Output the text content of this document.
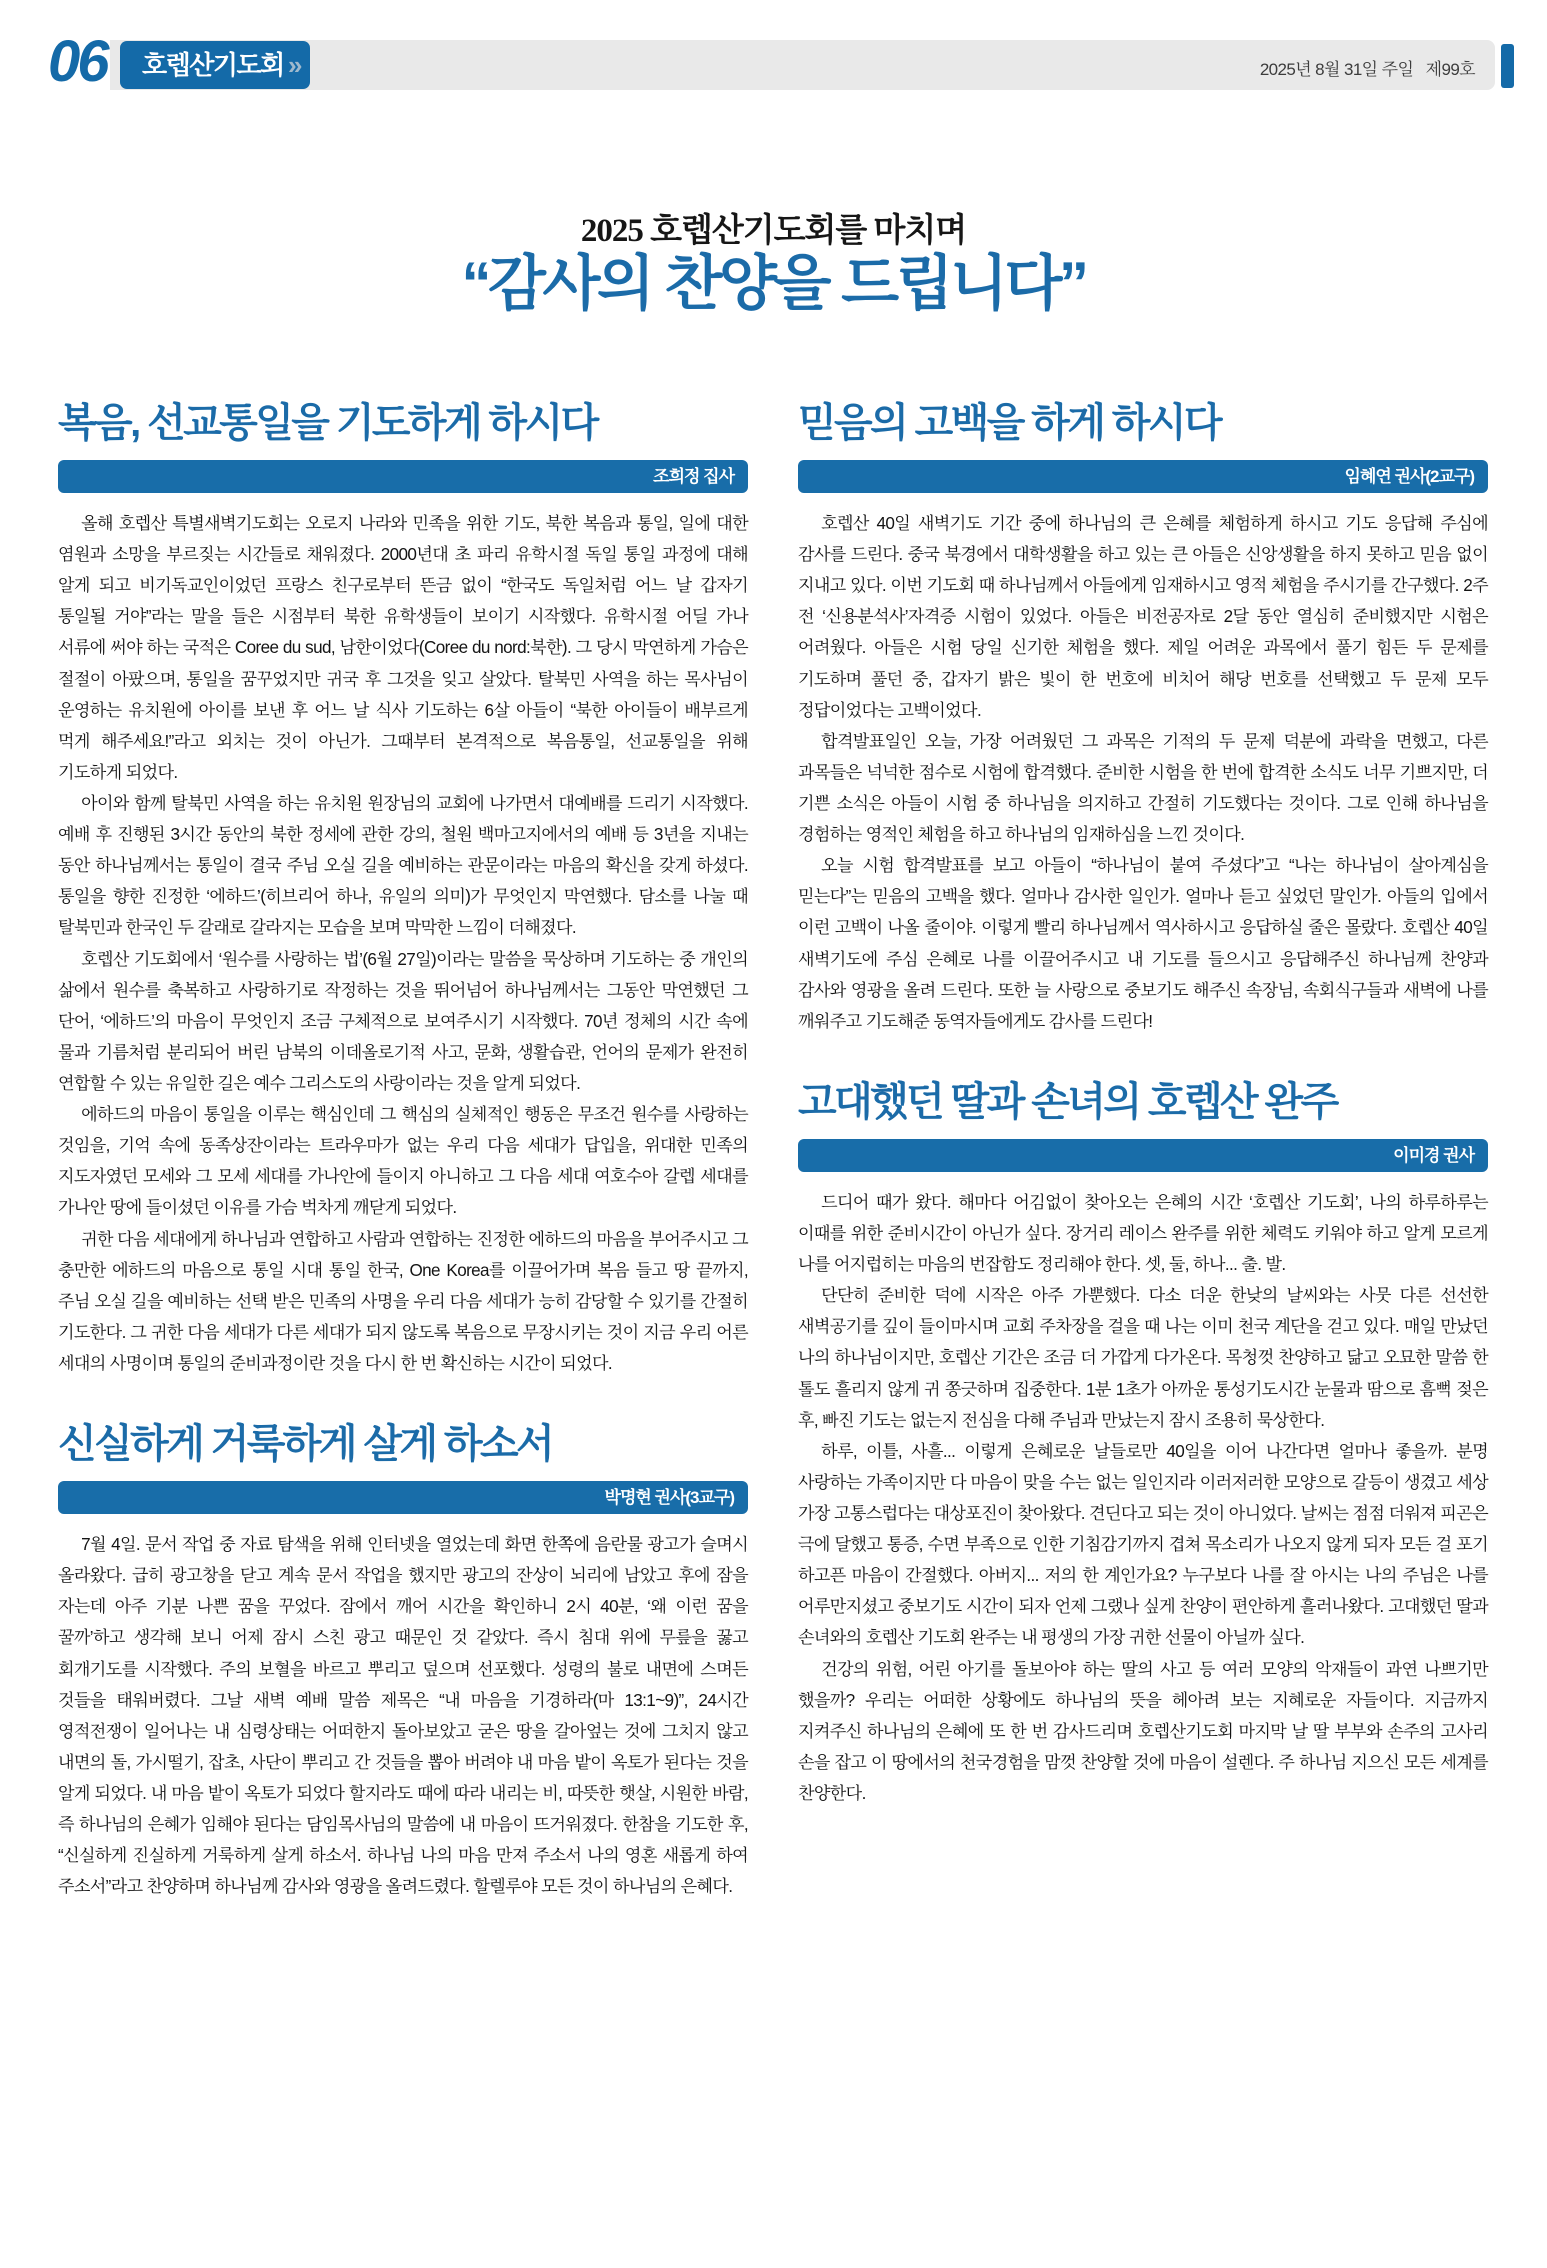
06 호렙산기도회 »	2025년 8월 31일 주일   제99호
2025 호렙산기도회를 마치며
“감사의 찬양을 드립니다”
복음, 선교통일을 기도하게 하시다
조희정 집사

올해 호렙산 특별새벽기도회는 오로지 나라와 민족을 위한 기도, 북한 복음과 통일, 일에 대한 염원과 소망을 부르짖는 시간들로 채워졌다. 2000년대 초 파리 유학시절 독일 통일 과정에 대해 알게 되고 비기독교인이었던 프랑스 친구로부터 뜬금 없이 “한국도 독일처럼 어느 날 갑자기 통일될 거야”라는 말을 들은 시점부터 북한 유학생들이 보이기 시작했다. 유학시절 어딜 가나 서류에 써야 하는 국적은 Coree du sud, 남한이었다(Coree du nord:북한). 그 당시 막연하게 가슴은 절절이 아팠으며, 통일을 꿈꾸었지만 귀국 후 그것을 잊고 살았다. 탈북민 사역을 하는 목사님이 운영하는 유치원에 아이를 보낸 후 어느 날 식사 기도하는 6살 아들이 “북한 아이들이 배부르게 먹게 해주세요!”라고 외치는 것이 아닌가. 그때부터 본격적으로 복음통일, 선교통일을 위해 기도하게 되었다.

아이와 함께 탈북민 사역을 하는 유치원 원장님의 교회에 나가면서 대예배를 드리기 시작했다. 예배 후 진행된 3시간 동안의 북한 정세에 관한 강의, 철원 백마고지에서의 예배 등 3년을 지내는 동안 하나님께서는 통일이 결국 주님 오실 길을 예비하는 관문이라는 마음의 확신을 갖게 하셨다. 통일을 향한 진정한 ‘에하드’(히브리어 하나, 유일의 의미)가 무엇인지 막연했다. 담소를 나눌 때 탈북민과 한국인 두 갈래로 갈라지는 모습을 보며 막막한 느낌이 더해졌다.

호렙산 기도회에서 ‘원수를 사랑하는 법’(6월 27일)이라는 말씀을 묵상하며 기도하는 중 개인의 삶에서 원수를 축복하고 사랑하기로 작정하는 것을 뛰어넘어 하나님께서는 그동안 막연했던 그 단어, ‘에하드’의 마음이 무엇인지 조금 구체적으로 보여주시기 시작했다. 70년 정체의 시간 속에 물과 기름처럼 분리되어 버린 남북의 이데올로기적 사고, 문화, 생활습관, 언어의 문제가 완전히 연합할 수 있는 유일한 길은 예수 그리스도의 사랑이라는 것을 알게 되었다.

에하드의 마음이 통일을 이루는 핵심인데 그 핵심의 실체적인 행동은 무조건 원수를 사랑하는 것임을, 기억 속에 동족상잔이라는 트라우마가 없는 우리 다음 세대가 답입을, 위대한 민족의 지도자였던 모세와 그 모세 세대를 가나안에 들이지 아니하고 그 다음 세대 여호수아 갈렙 세대를 가나안 땅에 들이셨던 이유를 가슴 벅차게 깨닫게 되었다.

귀한 다음 세대에게 하나님과 연합하고 사람과 연합하는 진정한 에하드의 마음을 부어주시고 그 충만한 에하드의 마음으로 통일 시대 통일 한국, One Korea를 이끌어가며 복음 들고 땅 끝까지, 주님 오실 길을 예비하는 선택 받은 민족의 사명을 우리 다음 세대가 능히 감당할 수 있기를 간절히 기도한다. 그 귀한 다음 세대가 다른 세대가 되지 않도록 복음으로 무장시키는 것이 지금 우리 어른 세대의 사명이며 통일의 준비과정이란 것을 다시 한 번 확신하는 시간이 되었다.

신실하게 거룩하게 살게 하소서
박명현 권사(3교구)

7월 4일. 문서 작업 중 자료 탐색을 위해 인터넷을 열었는데 화면 한쪽에 음란물 광고가 슬며시 올라왔다. 급히 광고창을 닫고 계속 문서 작업을 했지만 광고의 잔상이 뇌리에 남았고 후에 잠을 자는데 아주 기분 나쁜 꿈을 꾸었다. 잠에서 깨어 시간을 확인하니 2시 40분, ‘왜 이런 꿈을 꿀까’하고 생각해 보니 어제 잠시 스친 광고 때문인 것 같았다. 즉시 침대 위에 무릎을 꿇고 회개기도를 시작했다. 주의 보혈을 바르고 뿌리고 덮으며 선포했다. 성령의 불로 내면에 스며든 것들을 태워버렸다. 그날 새벽 예배 말씀 제목은 “내 마음을 기경하라(마 13:1~9)”, 24시간 영적전쟁이 일어나는 내 심령상태는 어떠한지 돌아보았고 굳은 땅을 갈아엎는 것에 그치지 않고 내면의 돌, 가시떨기, 잡초, 사단이 뿌리고 간 것들을 뽑아 버려야 내 마음 밭이 옥토가 된다는 것을 알게 되었다. 내 마음 밭이 옥토가 되었다 할지라도 때에 따라 내리는 비, 따뜻한 햇살, 시원한 바람, 즉 하나님의 은혜가 임해야 된다는 담임목사님의 말씀에 내 마음이 뜨거워졌다. 한참을 기도한 후, “신실하게 진실하게 거룩하게 살게 하소서. 하나님 나의 마음 만져 주소서 나의 영혼 새롭게 하여 주소서”라고 찬양하며 하나님께 감사와 영광을 올려드렸다. 할렐루야 모든 것이 하나님의 은혜다.

믿음의 고백을 하게 하시다
임혜연 권사(2교구)

호렙산 40일 새벽기도 기간 중에 하나님의 큰 은혜를 체험하게 하시고 기도 응답해 주심에 감사를 드린다. 중국 북경에서 대학생활을 하고 있는 큰 아들은 신앙생활을 하지 못하고 믿음 없이 지내고 있다. 이번 기도회 때 하나님께서 아들에게 임재하시고 영적 체험을 주시기를 간구했다. 2주 전 ‘신용분석사’자격증 시험이 있었다. 아들은 비전공자로 2달 동안 열심히 준비했지만 시험은 어려웠다. 아들은 시험 당일 신기한 체험을 했다. 제일 어려운 과목에서 풀기 힘든 두 문제를 기도하며 풀던 중, 갑자기 밝은 빛이 한 번호에 비치어 해당 번호를 선택했고 두 문제 모두 정답이었다는 고백이었다.

합격발표일인 오늘, 가장 어려웠던 그 과목은 기적의 두 문제 덕분에 과락을 면했고, 다른 과목들은 넉넉한 점수로 시험에 합격했다. 준비한 시험을 한 번에 합격한 소식도 너무 기쁘지만, 더 기쁜 소식은 아들이 시험 중 하나님을 의지하고 간절히 기도했다는 것이다. 그로 인해 하나님을 경험하는 영적인 체험을 하고 하나님의 임재하심을 느낀 것이다.

오늘 시험 합격발표를 보고 아들이 “하나님이 붙여 주셨다”고 “나는 하나님이 살아계심을 믿는다”는 믿음의 고백을 했다. 얼마나 감사한 일인가. 얼마나 듣고 싶었던 말인가. 아들의 입에서 이런 고백이 나올 줄이야. 이렇게 빨리 하나님께서 역사하시고 응답하실 줄은 몰랐다. 호렙산 40일 새벽기도에 주심 은혜로 나를 이끌어주시고 내 기도를 들으시고 응답해주신 하나님께 찬양과 감사와 영광을 올려 드린다. 또한 늘 사랑으로 중보기도 해주신 속장님, 속회식구들과 새벽에 나를 깨워주고 기도해준 동역자들에게도 감사를 드린다!

고대했던 딸과 손녀의 호렙산 완주
이미경 권사

드디어 때가 왔다. 해마다 어김없이 찾아오는 은혜의 시간 ‘호렙산 기도회’, 나의 하루하루는 이때를 위한 준비시간이 아닌가 싶다. 장거리 레이스 완주를 위한 체력도 키워야 하고 알게 모르게 나를 어지럽히는 마음의 번잡함도 정리해야 한다. 셋, 둘, 하나... 출. 발.

단단히 준비한 덕에 시작은 아주 가뿐했다. 다소 더운 한낮의 날씨와는 사뭇 다른 선선한 새벽공기를 깊이 들이마시며 교회 주차장을 걸을 때 나는 이미 천국 계단을 걷고 있다. 매일 만났던 나의 하나님이지만, 호렙산 기간은 조금 더 가깝게 다가온다. 목청껏 찬양하고 닮고 오묘한 말씀 한 톨도 흘리지 않게 귀 쫑긋하며 집중한다. 1분 1초가 아까운 통성기도시간 눈물과 땀으로 흠뻑 젖은 후, 빠진 기도는 없는지 전심을 다해 주님과 만났는지 잠시 조용히 묵상한다.

하루, 이틀, 사흘... 이렇게 은혜로운 날들로만 40일을 이어 나간다면 얼마나 좋을까. 분명 사랑하는 가족이지만 다 마음이 맞을 수는 없는 일인지라 이러저러한 모양으로 갈등이 생겼고 세상 가장 고통스럽다는 대상포진이 찾아왔다. 견딘다고 되는 것이 아니었다. 날씨는 점점 더워져 피곤은 극에 달했고 통증, 수면 부족으로 인한 기침감기까지 겹쳐 목소리가 나오지 않게 되자 모든 걸 포기 하고픈 마음이 간절했다. 아버지... 저의 한 계인가요? 누구보다 나를 잘 아시는 나의 주님은 나를 어루만지셨고 중보기도 시간이 되자 언제 그랬나 싶게 찬양이 편안하게 흘러나왔다. 고대했던 딸과 손녀와의 호렙산 기도회 완주는 내 평생의 가장 귀한 선물이 아닐까 싶다.

건강의 위험, 어린 아기를 돌보아야 하는 딸의 사고 등 여러 모양의 악재들이 과연 나쁘기만 했을까? 우리는 어떠한 상황에도 하나님의 뜻을 헤아려 보는 지혜로운 자들이다. 지금까지 지켜주신 하나님의 은혜에 또 한 번 감사드리며 호렙산기도회 마지막 날 딸 부부와 손주의 고사리 손을 잡고 이 땅에서의 천국경험을 맘껏 찬양할 것에 마음이 설렌다. 주 하나님 지으신 모든 세계를 찬양한다.
